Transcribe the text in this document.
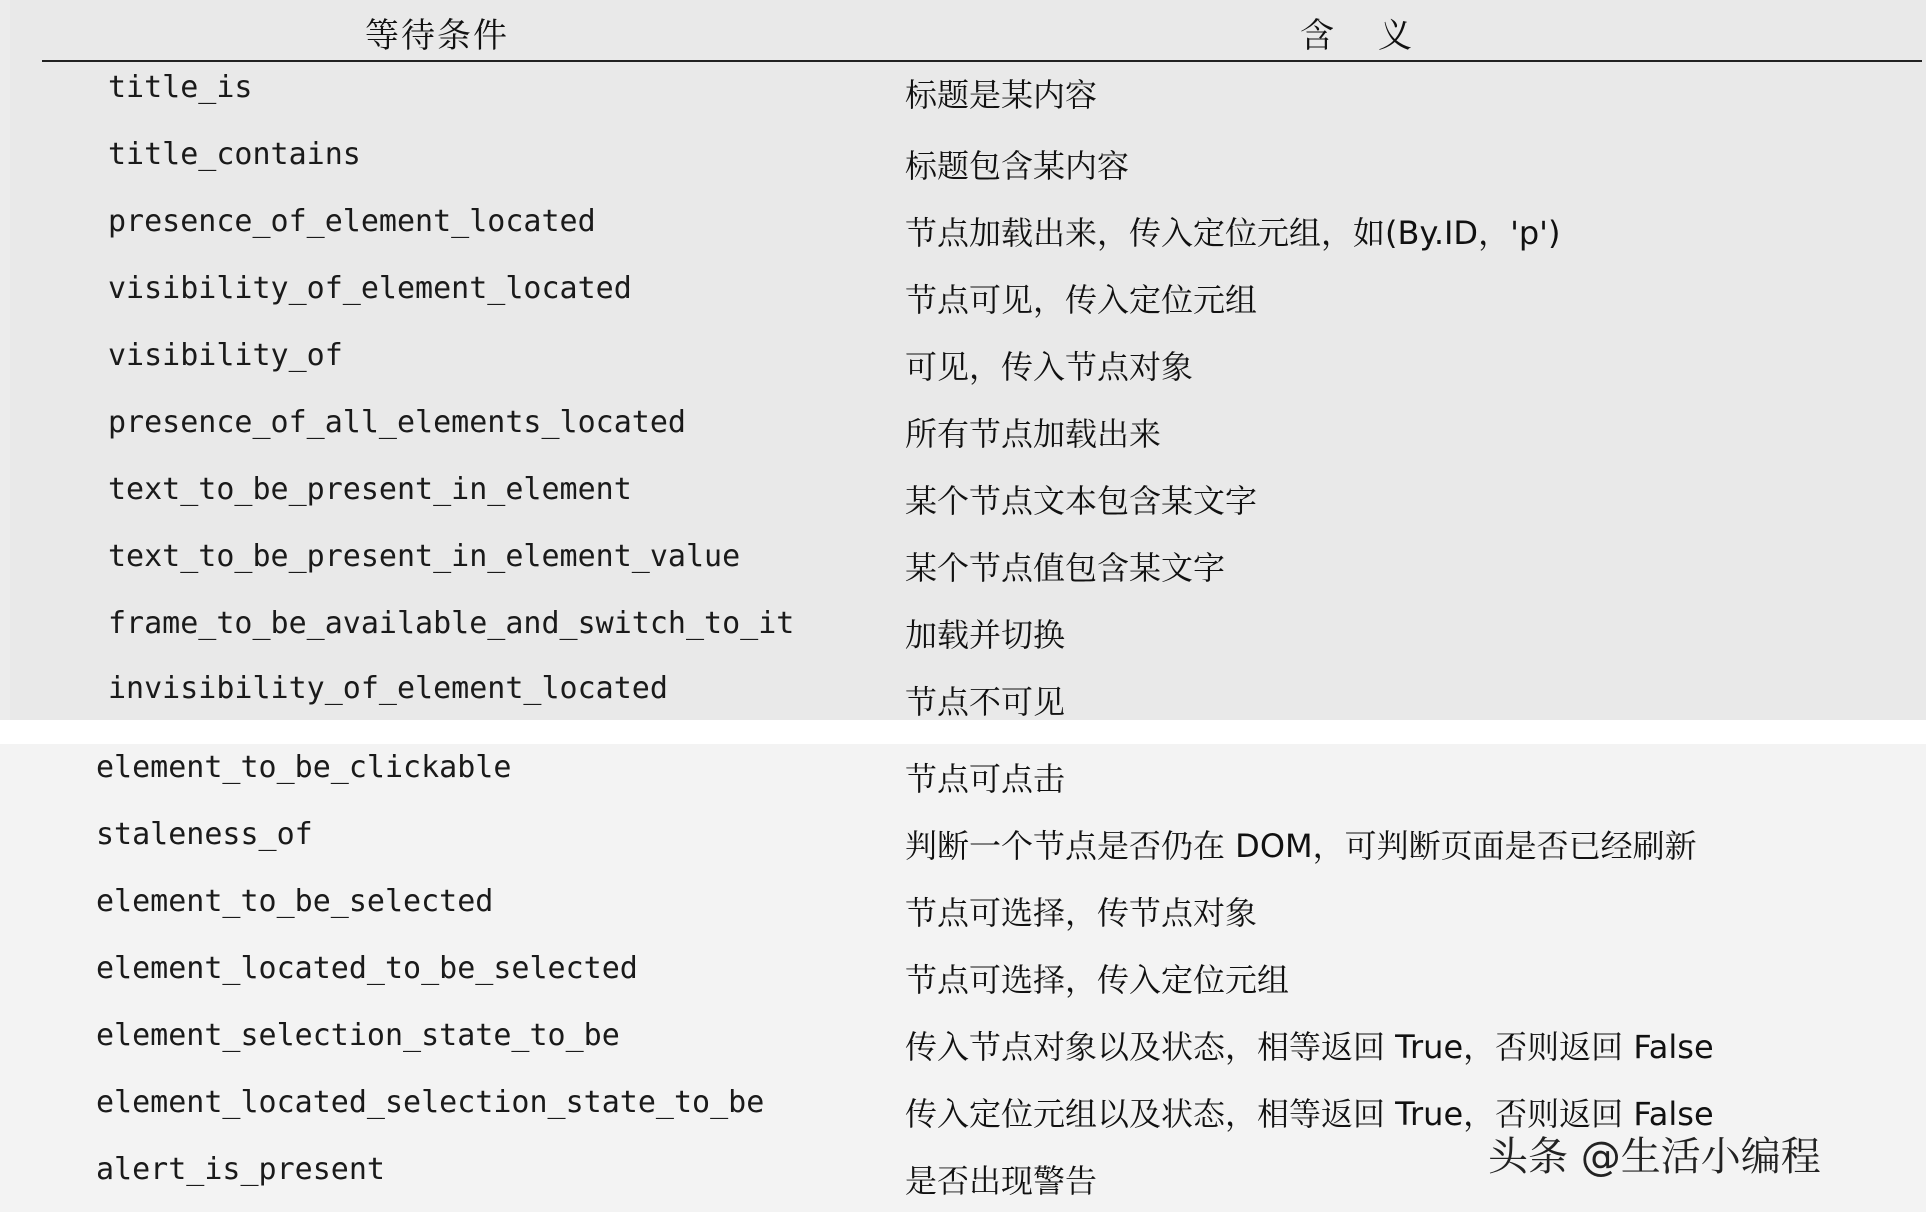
等待条件	含义
title_is	标题是某内容
title_contains	标题包含某内容
presence_of_element_located	节点加载出来，传入定位元组，如(By.ID，'p')
visibility_of_element_located	节点可见，传入定位元组
visibility_of	可见，传入节点对象
presence_of_all_elements_located	所有节点加载出来
text_to_be_present_in_element	某个节点文本包含某文字
text_to_be_present_in_element_value	某个节点值包含某文字
frame_to_be_available_and_switch_to_it	加载并切换
invisibility_of_element_located	节点不可见
element_to_be_clickable	节点可点击
staleness_of	判断一个节点是否仍在 DOM，可判断页面是否已经刷新
element_to_be_selected	节点可选择，传节点对象
element_located_to_be_selected	节点可选择，传入定位元组
element_selection_state_to_be	传入节点对象以及状态，相等返回 True，否则返回 False
element_located_selection_state_to_be	传入定位元组以及状态，相等返回 True，否则返回 False
alert_is_present	是否出现警告
头条 @生活小编程
